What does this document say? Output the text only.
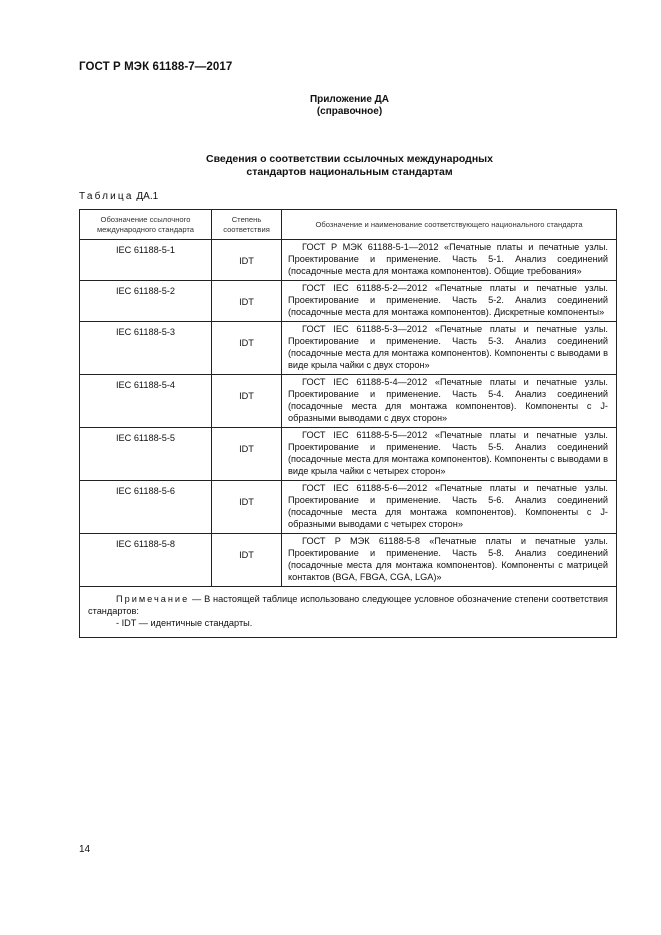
ГОСТ Р МЭК 61188-7—2017
Приложение ДА
(справочное)
Сведения о соответствии ссылочных международных
стандартов национальным стандартам
Таблица ДА.1
Обозначение ссылочного международного стандарта	Степень соответствия	Обозначение и наименование соответствующего национального стандарта

IEC 61188-5-1	IDT	ГОСТ Р МЭК 61188-5-1—2012 «Печатные платы и печатные узлы. Проектирование и применение. Часть 5-1. Анализ соединений (посадочные места для монтажа компонентов). Общие требования»

IEC 61188-5-2	IDT	ГОСТ IEC 61188-5-2—2012 «Печатные платы и печатные узлы. Проектирование и применение. Часть 5-2. Анализ соединений (посадочные места для монтажа компонентов). Дискретные компоненты»

IEC 61188-5-3	IDT	ГОСТ IEC 61188-5-3—2012 «Печатные платы и печатные узлы. Проектирование и применение. Часть 5-3. Анализ соединений (посадочные места для монтажа компонентов). Компоненты с выводами в виде крыла чайки с двух сторон»

IEC 61188-5-4	IDT	ГОСТ IEC 61188-5-4—2012 «Печатные платы и печатные узлы. Проектирование и применение. Часть 5-4. Анализ соединений (посадочные места для монтажа компонентов). Компоненты с J-образными выводами с двух сторон»

IEC 61188-5-5	IDT	ГОСТ IEC 61188-5-5—2012 «Печатные платы и печатные узлы. Проектирование и применение. Часть 5-5. Анализ соединений (посадочные места для монтажа компонентов). Компоненты с выводами в виде крыла чайки с четырех сторон»

IEC 61188-5-6	IDT	ГОСТ IEC 61188-5-6—2012 «Печатные платы и печатные узлы. Проектирование и применение. Часть 5-6. Анализ соединений (посадочные места для монтажа компонентов). Компоненты с J-образными выводами с четырех сторон»

IEC 61188-5-8	IDT	ГОСТ Р МЭК 61188-5-8 «Печатные платы и печатные узлы. Проектирование и применение. Часть 5-8. Анализ соединений (посадочные места для монтажа компонентов). Компоненты с матрицей контактов (BGA, FBGA, CGA, LGA)»

Примечание — В настоящей таблице использовано следующее условное обозначение степени соответствия стандартов:

- IDT — идентичные стандарты.		

14
